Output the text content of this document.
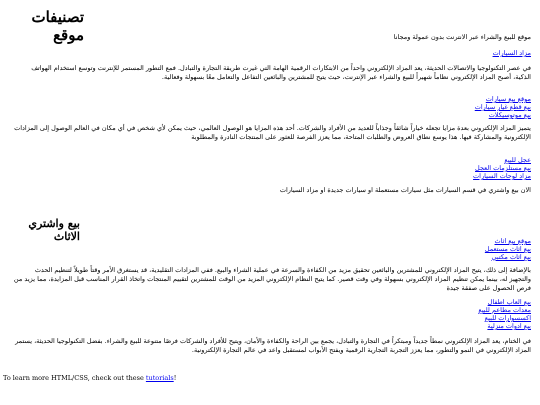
تصنيفات موقع	موقع للبيع والشراء عبر الانترنت بدون عمولة ومجانا
مزاد السيارات
في عصر التكنولوجيا والاتصالات الحديثة، يعد المزاد الإلكتروني واحداً من الابتكارات الرقمية الهامة التي غيرت طريقة التجارة والتبادل. فمع التطور المستمر للإنترنت وتوسع استخدام الهواتف الذكية، أصبح المزاد الإلكتروني نظاماً شهيراً للبيع والشراء عبر الإنترنت، حيث يتيح للمشترين والبائعين التفاعل والتعامل معًا بسهولة وفعالية.
موقع بيع سيارات
بيع قطع غيار سيارات
بيع موتوسيكلات
يتميز المزاد الإلكتروني بعدة مزايا تجعله خياراً شائقاً وجذاباً للعديد من الأفراد والشركات. أحد هذه المزايا هو الوصول العالمي، حيث يمكن لأي شخص في أي مكان في العالم الوصول إلى المزادات الإلكترونية والمشاركة فيها. هذا يوسع نطاق العروض والطلبات المتاحة، مما يعزز الفرصة للعثور على المنتجات النادرة والمطلوبة
عجل للبيع
بيع مستلزمات العجل
مزاد لوحات السيارات
الان بيع واشتري في قسم السيارات مثل سيارات مستعملة او سيارات جديدة او مزاد السيارات
بيع واشتري الاثاث	موقع بيع اثاث
بيع اثاث مستعمل
بيع اثاث مكتبي
بالإضافة إلى ذلك، يتيح المزاد الإلكتروني للمشترين والبائعين تحقيق مزيد من الكفاءة والسرعة في عملية الشراء والبيع. ففي المزادات التقليدية، قد يستغرق الأمر وقتاً طويلاً لتنظيم الحدث والتجهيز له، بينما يمكن تنظيم المزاد الإلكتروني بسهولة وفي وقت قصير. كما يتيح النظام الإلكتروني المزيد من الوقت للمشترين لتقييم المنتجات واتخاذ القرار المناسب قبل المزايدة، مما يزيد من فرص الحصول على صفقة جيدة
بيع العاب اطفال
معدات مطاعم للبيع
اكسسوارات للبيع
بيع ادوات منزلية
في الختام، يعد المزاد الإلكتروني نمطاً جديداً ومبتكراً في التجارة والتبادل، يجمع بين الراحة والكفاءة والأمان، ويتيح للأفراد والشركات فرصًا متنوعة للبيع والشراء. بفضل التكنولوجيا الحديثة، يستمر المزاد الإلكتروني في النمو والتطور، مما يعزز التجربة التجارية الرقمية ويفتح الأبواب لمستقبل واعد في عالم التجارة الإلكترونية.
To learn more HTML/CSS, check out these tutorials!
